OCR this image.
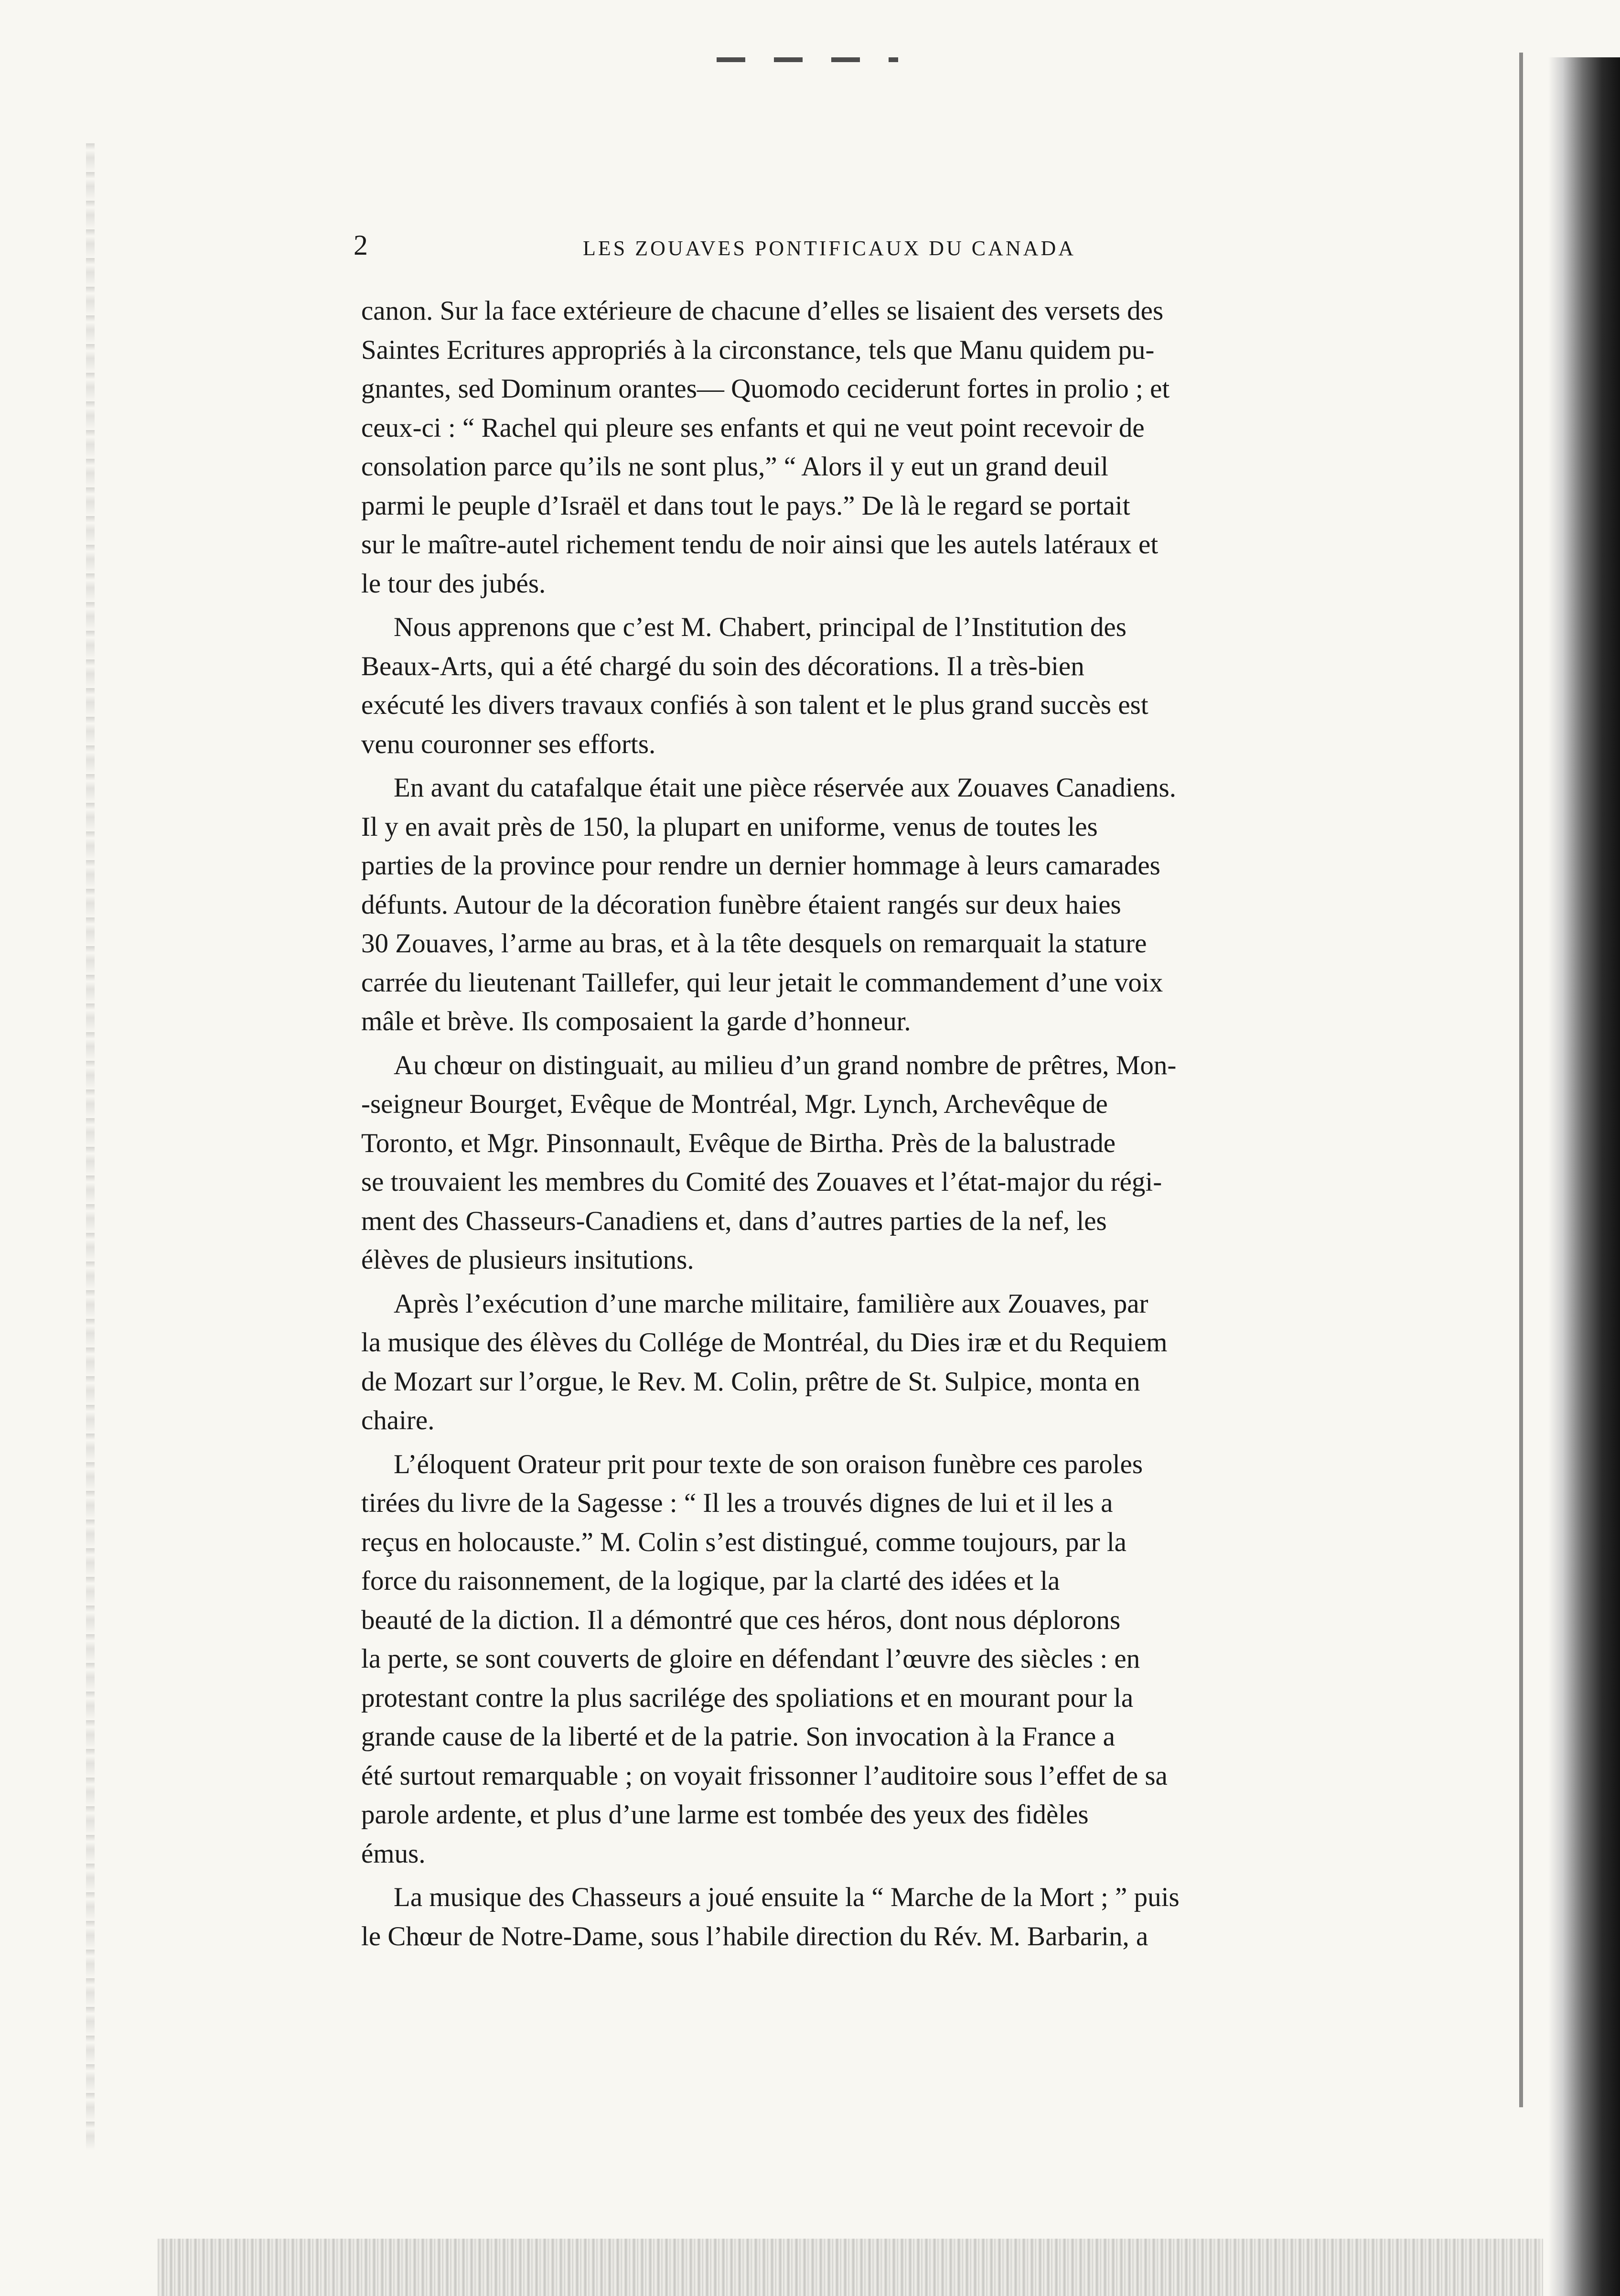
2	LES ZOUAVES PONTIFICAUX DU CANADA

canon. Sur la face extérieure de chacune d’elles se lisaient des versets des
Saintes Ecritures appropriés à la circonstance, tels que Manu quidem pu-
gnantes, sed Dominum orantes— Quomodo ceciderunt fortes in prolio ; et
ceux-ci : “ Rachel qui pleure ses enfants et qui ne veut point recevoir de
consolation parce qu’ils ne sont plus,” “ Alors il y eut un grand deuil
parmi le peuple d’Israël et dans tout le pays.” De là le regard se portait
sur le maître-autel richement tendu de noir ainsi que les autels latéraux et
le tour des jubés.

Nous apprenons que c’est M. Chabert, principal de l’Institution des
Beaux-Arts, qui a été chargé du soin des décorations. Il a très-bien
exécuté les divers travaux confiés à son talent et le plus grand succès est
venu couronner ses efforts.

En avant du catafalque était une pièce réservée aux Zouaves Canadiens.
Il y en avait près de 150, la plupart en uniforme, venus de toutes les
parties de la province pour rendre un dernier hommage à leurs camarades
défunts. Autour de la décoration funèbre étaient rangés sur deux haies
30 Zouaves, l’arme au bras, et à la tête desquels on remarquait la stature
carrée du lieutenant Taillefer, qui leur jetait le commandement d’une voix
mâle et brève. Ils composaient la garde d’honneur.

Au chœur on distinguait, au milieu d’un grand nombre de prêtres, Mon-
-seigneur Bourget, Evêque de Montréal, Mgr. Lynch, Archevêque de
Toronto, et Mgr. Pinsonnault, Evêque de Birtha. Près de la balustrade
se trouvaient les membres du Comité des Zouaves et l’état-major du régi-
ment des Chasseurs-Canadiens et, dans d’autres parties de la nef, les
élèves de plusieurs insitutions.

Après l’exécution d’une marche militaire, familière aux Zouaves, par
la musique des élèves du Collége de Montréal, du Dies iræ et du Requiem
de Mozart sur l’orgue, le Rev. M. Colin, prêtre de St. Sulpice, monta en
chaire.

L’éloquent Orateur prit pour texte de son oraison funèbre ces paroles
tirées du livre de la Sagesse : “ Il les a trouvés dignes de lui et il les a
reçus en holocauste.” M. Colin s’est distingué, comme toujours, par la
force du raisonnement, de la logique, par la clarté des idées et la
beauté de la diction. Il a démontré que ces héros, dont nous déplorons
la perte, se sont couverts de gloire en défendant l’œuvre des siècles : en
protestant contre la plus sacrilége des spoliations et en mourant pour la
grande cause de la liberté et de la patrie. Son invocation à la France a
été surtout remarquable ; on voyait frissonner l’auditoire sous l’effet de sa
parole ardente, et plus d’une larme est tombée des yeux des fidèles
émus.

La musique des Chasseurs a joué ensuite la “ Marche de la Mort ; ” puis
le Chœur de Notre-Dame, sous l’habile direction du Rév. M. Barbarin, a
